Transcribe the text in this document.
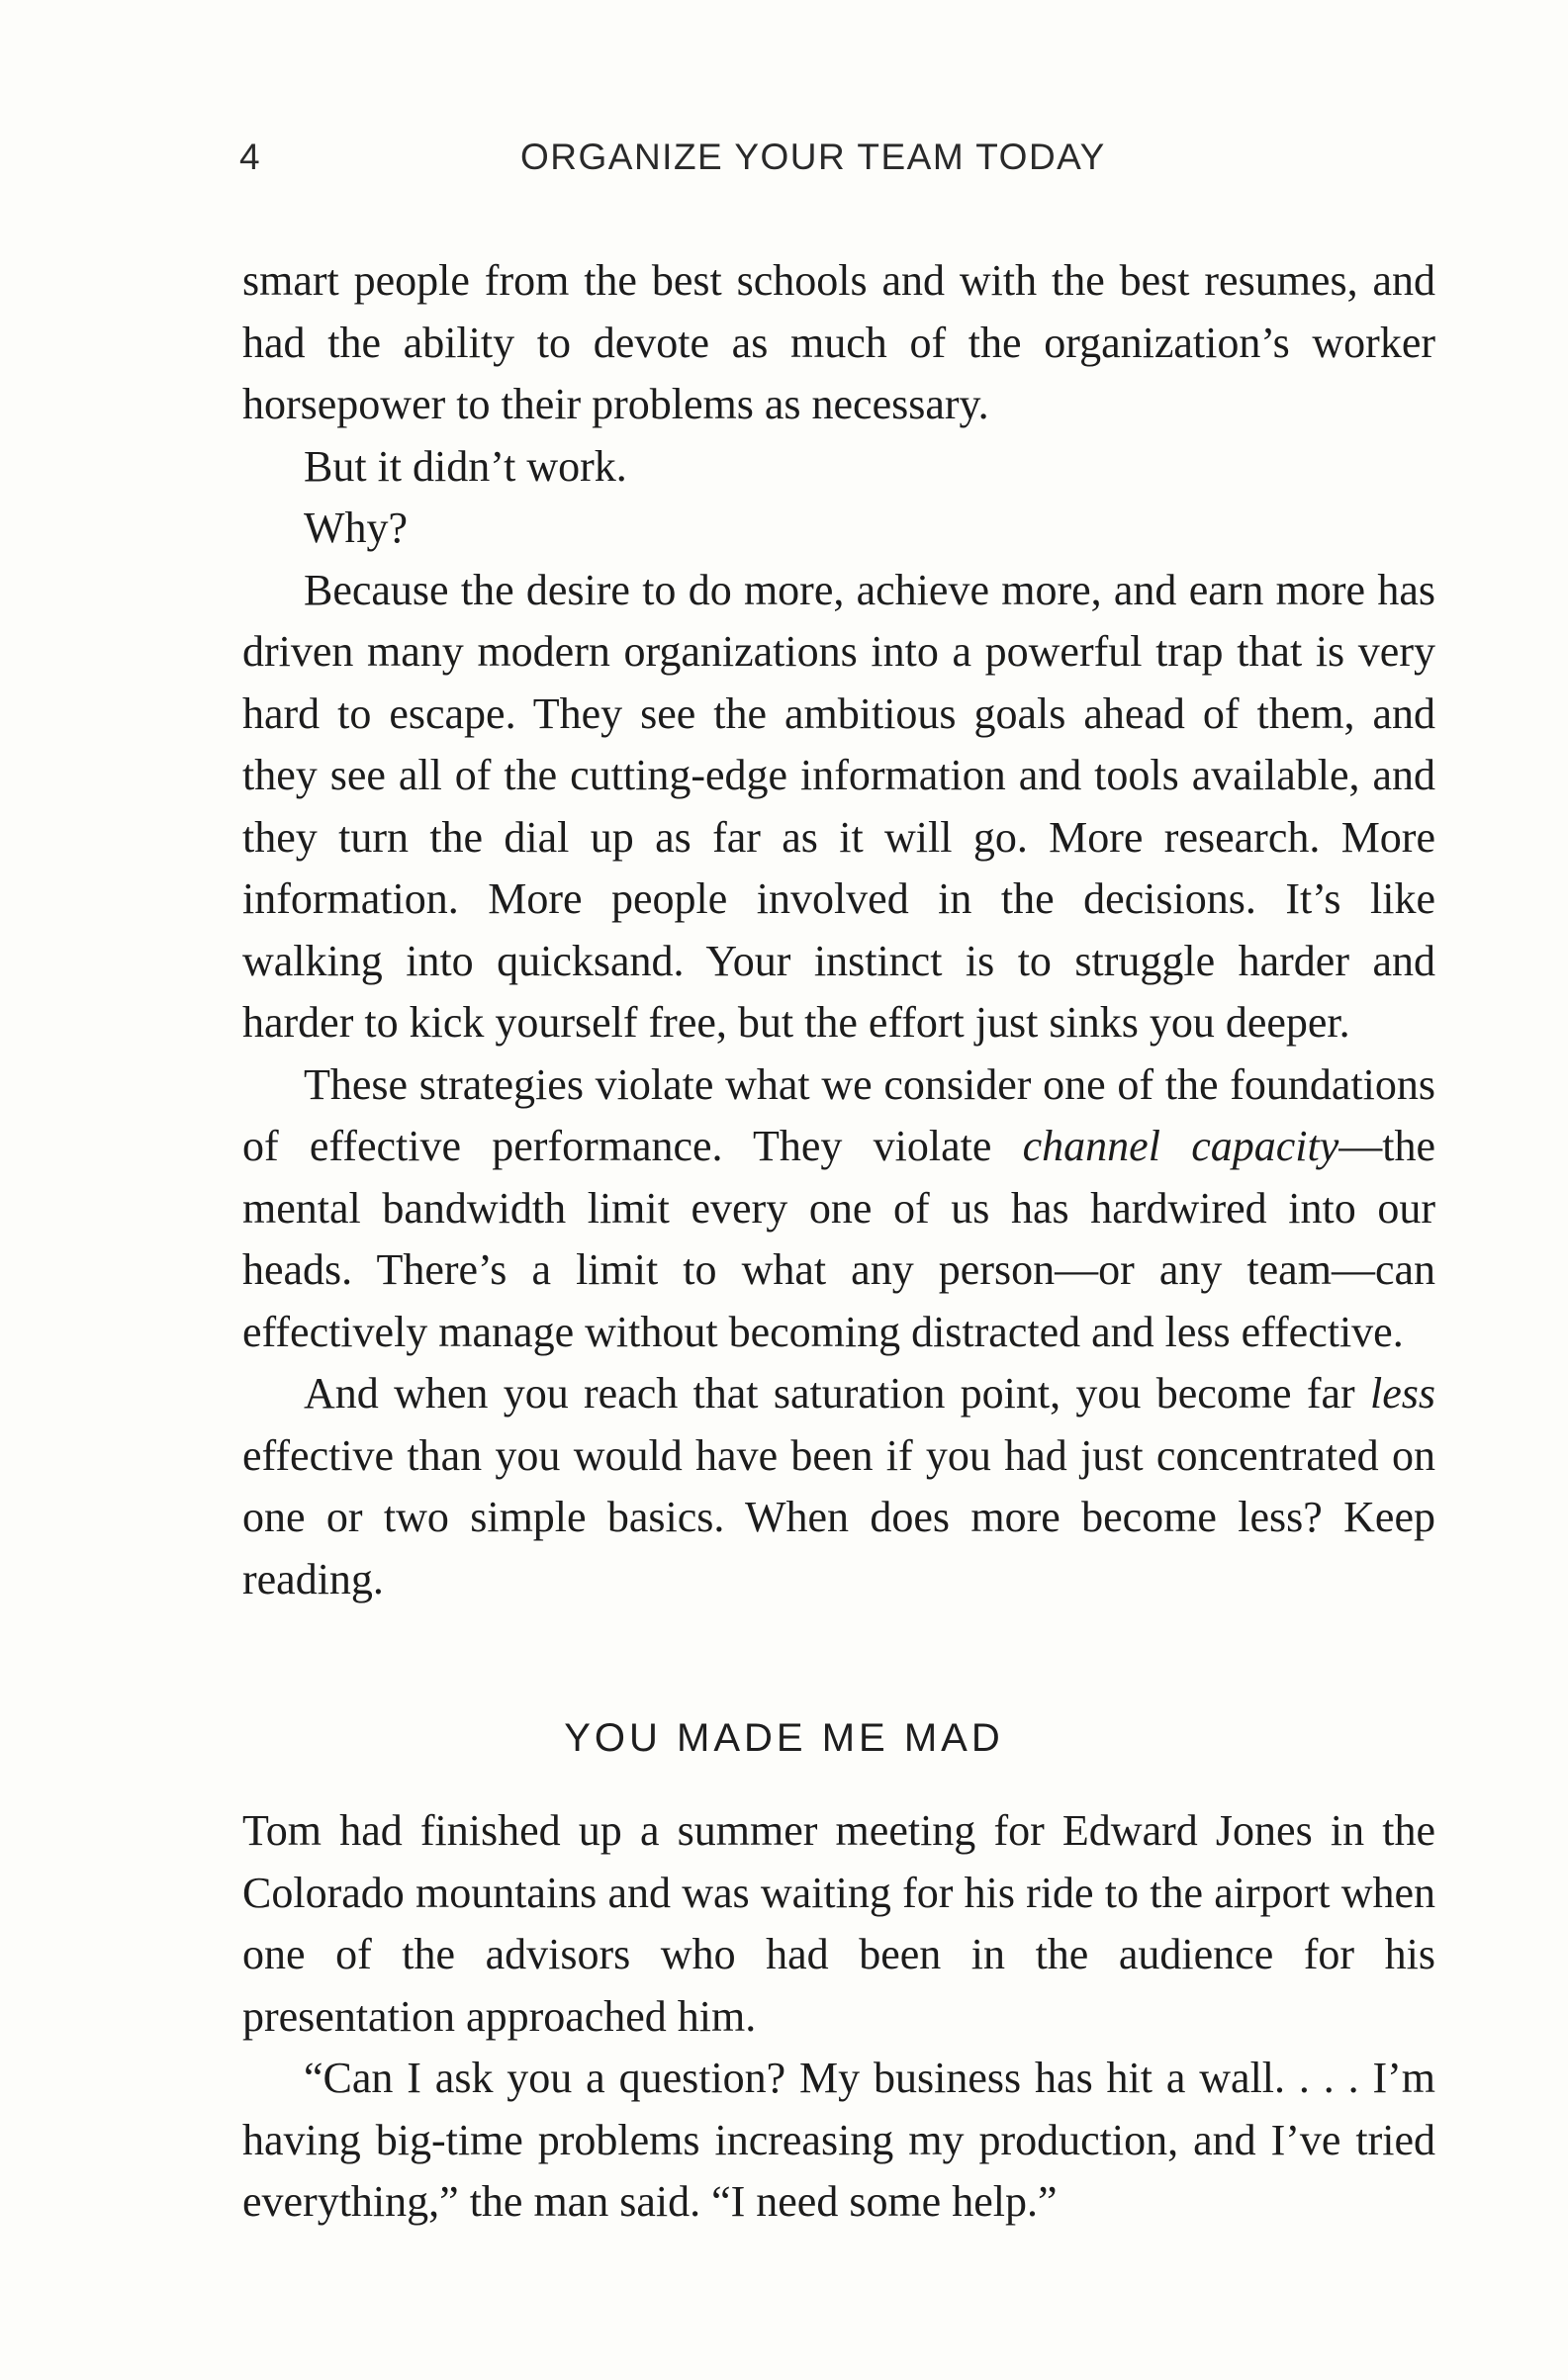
4	ORGANIZE YOUR TEAM TODAY

smart people from the best schools and with the best resumes, and had the ability to devote as much of the organization’s worker horsepower to their problems as necessary.

But it didn’t work.

Why?

Because the desire to do more, achieve more, and earn more has driven many modern organizations into a powerful trap that is very hard to escape. They see the ambitious goals ahead of them, and they see all of the cutting-edge information and tools available, and they turn the dial up as far as it will go. More research. More information. More people involved in the decisions. It’s like walking into quicksand. Your instinct is to struggle harder and harder to kick yourself free, but the effort just sinks you deeper.

These strategies violate what we consider one of the foundations of effective performance. They violate channel capacity—the mental bandwidth limit every one of us has hardwired into our heads. There’s a limit to what any person—or any team—can effectively manage without becoming distracted and less effective.

And when you reach that saturation point, you become far less effective than you would have been if you had just concentrated on one or two simple basics. When does more become less? Keep reading.

YOU MADE ME MAD

Tom had finished up a summer meeting for Edward Jones in the Colorado mountains and was waiting for his ride to the airport when one of the advisors who had been in the audience for his presentation approached him.

“Can I ask you a question? My business has hit a wall. . . . I’m having big-time problems increasing my production, and I’ve tried everything,” the man said. “I need some help.”
